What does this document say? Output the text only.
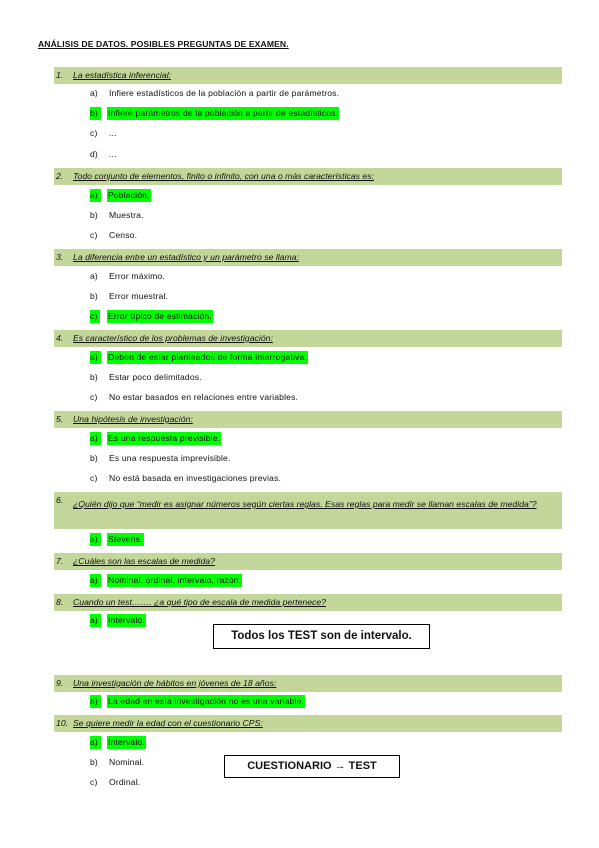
ANÁLISIS DE DATOS. POSIBLES PREGUNTAS DE EXAMEN.
1. La estadística inferencial:
a) Infiere estadísticos de la población a partir de parámetros.
b)	Infiere parámetros de la población a partir de estadísticos.
c) ...
d) ...
2. Todo conjunto de elementos, finito o infinito, con una o más características es:
a)	Población.
b) Muestra.
c) Censo.
3. La diferencia entre un estadístico y un parámetro se llama:
a) Error máximo.
b) Error muestral.
c)	Error típico de estimación.
4. Es característico de los problemas de investigación:
a)	Deben de estar planteados de forma interrogativa.
b) Estar poco delimitados.
c) No estar basados en relaciones entre variables.
5. Una hipótesis de investigación:
a)	Es una respuesta previsible.
b) Es una respuesta imprevisible.
c) No está basada en investigaciones previas.
6. ¿Quién dijo que “medir es asignar números según ciertas reglas. Esas reglas para medir se llaman escalas de medida”?
a)	Stevens.
7. ¿Cuáles son las escalas de medida?
a)	Nominal, ordinal, intervalo, razón.
8. Cuando un test……. ¿a qué tipo de escala de medida pertenece?
a)	Intervalo.
9. Una investigación de hábitos en jóvenes de 18 años:
a)	La edad en esta investigación no es una variable.
10. Se quiere medir la edad con el cuestionario CPS:
a)	Intervalo.
b) Nominal.
c) Ordinal.
Todos los TEST son de intervalo.
CUESTIONARIO → TEST
